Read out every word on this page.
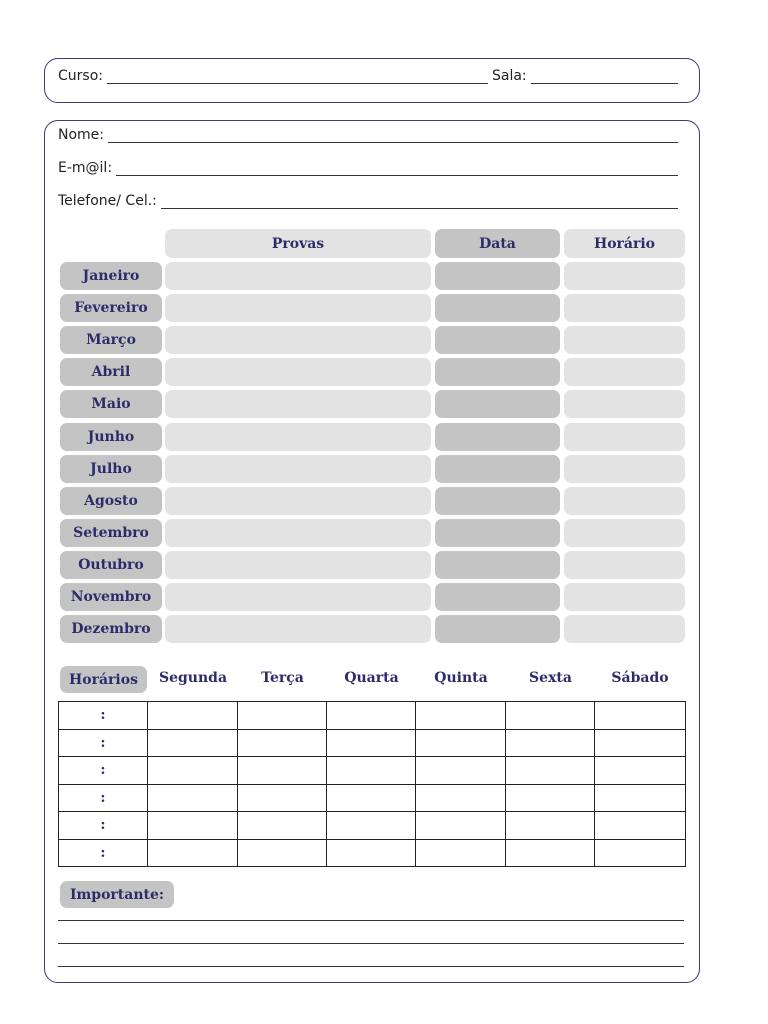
Curso:	Sala:
Nome:
E-m@il:
Telefone/ Cel.:
Provas	Data	Horário
Janeiro
Fevereiro
Março
Abril
Maio
Junho
Julho
Agosto
Setembro
Outubro
Novembro
Dezembro
Horários	Segunda	Terça	Quarta	Quinta	Sexta	Sábado
:						
:						
:						
:						
:						
:						
Importante:
